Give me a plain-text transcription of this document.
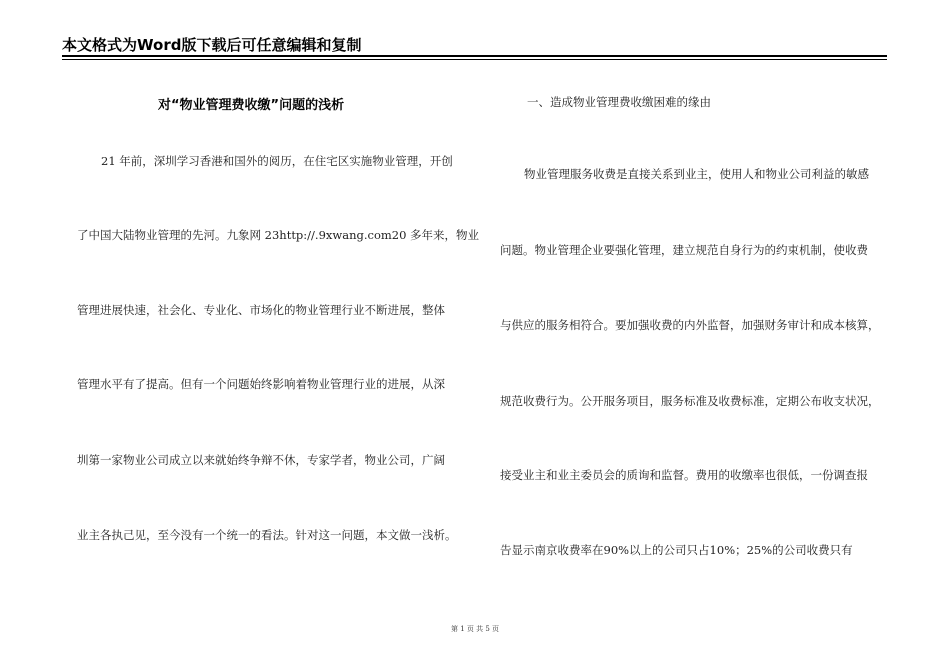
本文格式为Word版下载后可任意编辑和复制
对“物业管理费收缴”问题的浅析
21 年前，深圳学习香港和国外的阅历，在住宅区实施物业管理，开创
了中国大陆物业管理的先河。九象网 23http://.9xwang.com20 多年来，物业
管理进展快速，社会化、专业化、市场化的物业管理行业不断进展，整体
管理水平有了提高。但有一个问题始终影响着物业管理行业的进展，从深
圳第一家物业公司成立以来就始终争辩不休，专家学者，物业公司，广阔
业主各执己见，至今没有一个统一的看法。针对这一问题，本文做一浅析。
一、造成物业管理费收缴困难的缘由
物业管理服务收费是直接关系到业主，使用人和物业公司利益的敏感
问题。物业管理企业要强化管理，建立规范自身行为的约束机制，使收费
与供应的服务相符合。要加强收费的内外监督，加强财务审计和成本核算，
规范收费行为。公开服务项目，服务标准及收费标准，定期公布收支状况，
接受业主和业主委员会的质询和监督。费用的收缴率也很低，一份调查报
告显示南京收费率在90%以上的公司只占10%；25%的公司收费只有
第 1 页 共 5 页
